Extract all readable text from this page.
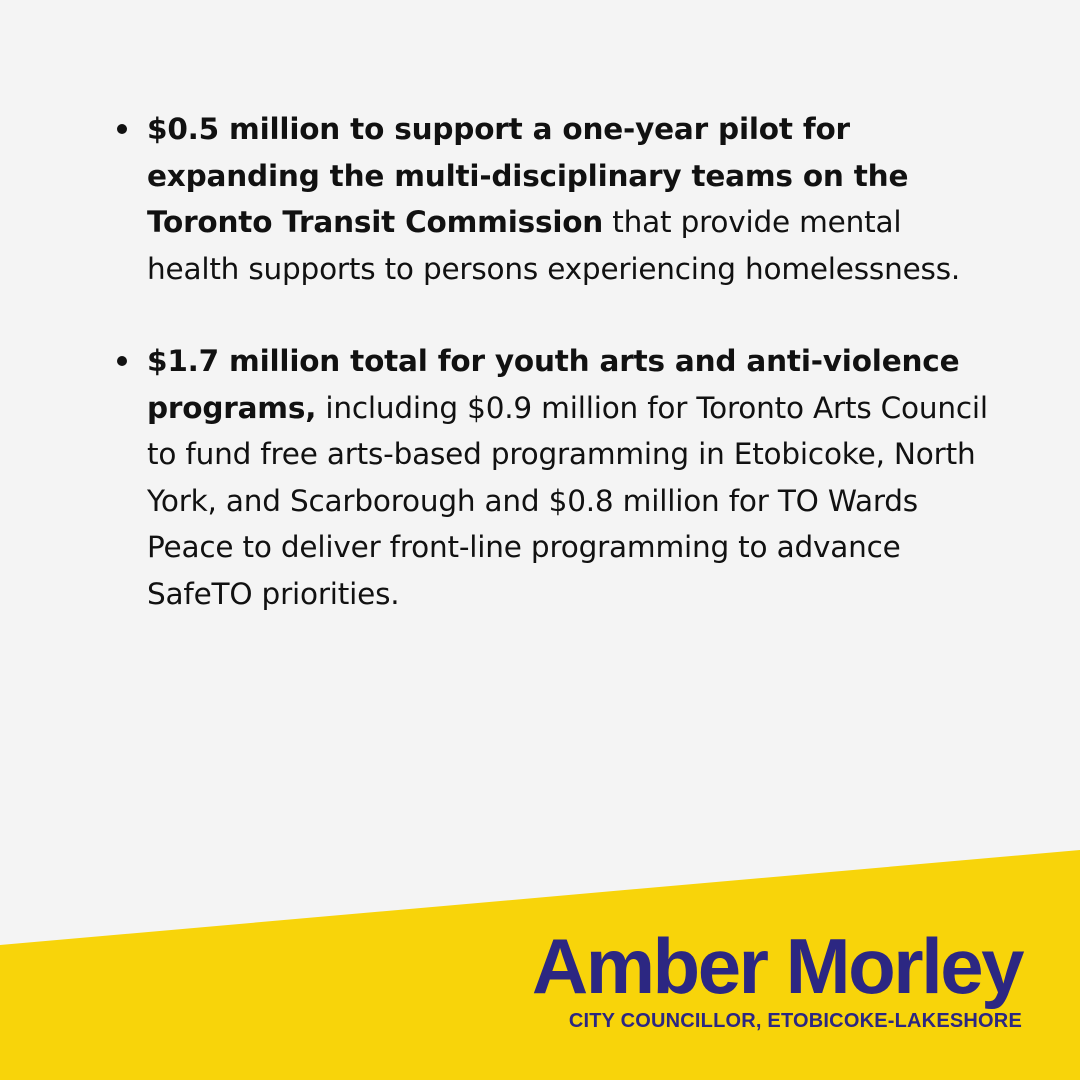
$0.5 million to support a one-year pilot for expanding the multi-disciplinary teams on the Toronto Transit Commission that provide mental health supports to persons experiencing homelessness.
$1.7 million total for youth arts and anti-violence programs, including $0.9 million for Toronto Arts Council to fund free arts-based programming in Etobicoke, North York, and Scarborough and $0.8 million for TO Wards Peace to deliver front-line programming to advance SafeTO priorities.
Amber Morley
CITY COUNCILLOR, ETOBICOKE-LAKESHORE
